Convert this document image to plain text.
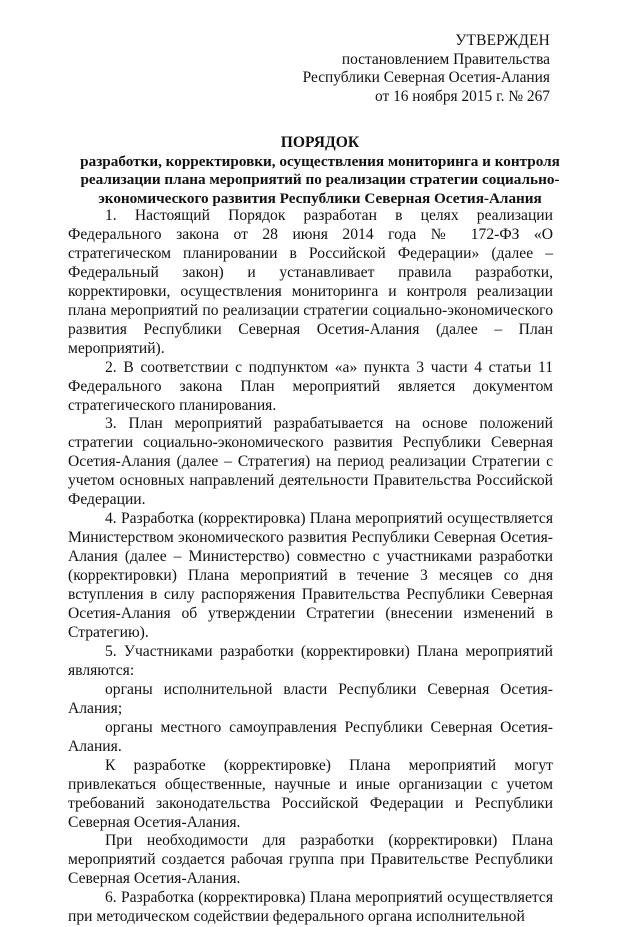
УТВЕРЖДЕН
постановлением Правительства
Республики Северная Осетия-Алания
от 16 ноября 2015 г. № 267
ПОРЯДОК
разработки, корректировки, осуществления мониторинга и контроля реализации плана мероприятий по реализации стратегии социально-экономического развития Республики Северная Осетия-Алания

1. Настоящий Порядок разработан в целях реализации Федерального закона от 28 июня 2014 года № 172-ФЗ «О стратегическом планировании в Российской Федерации» (далее – Федеральный закон) и устанавливает правила разработки, корректировки, осуществления мониторинга и контроля реализации плана мероприятий по реализации стратегии социально-экономического развития Республики Северная Осетия-Алания (далее – План мероприятий).

2. В соответствии с подпунктом «а» пункта 3 части 4 статьи 11 Федерального закона План мероприятий является документом стратегического планирования.

3. План мероприятий разрабатывается на основе положений стратегии социально-экономического развития Республики Северная Осетия-Алания (далее – Стратегия) на период реализации Стратегии с учетом основных направлений деятельности Правительства Российской Федерации.

4. Разработка (корректировка) Плана мероприятий осуществляется Министерством экономического развития Республики Северная Осетия-Алания (далее – Министерство) совместно с участниками разработки (корректировки) Плана мероприятий в течение 3 месяцев со дня вступления в силу распоряжения Правительства Республики Северная Осетия-Алания об утверждении Стратегии (внесении изменений в Стратегию).

5. Участниками разработки (корректировки) Плана мероприятий являются:

органы исполнительной власти Республики Северная Осетия-Алания;

органы местного самоуправления Республики Северная Осетия-Алания.

К разработке (корректировке) Плана мероприятий могут привлекаться общественные, научные и иные организации с учетом требований законодательства Российской Федерации и Республики Северная Осетия-Алания.

При необходимости для разработки (корректировки) Плана мероприятий создается рабочая группа при Правительстве Республики Северная Осетия-Алания.

6. Разработка (корректировка) Плана мероприятий осуществляется при методическом содействии федерального органа исполнительной
